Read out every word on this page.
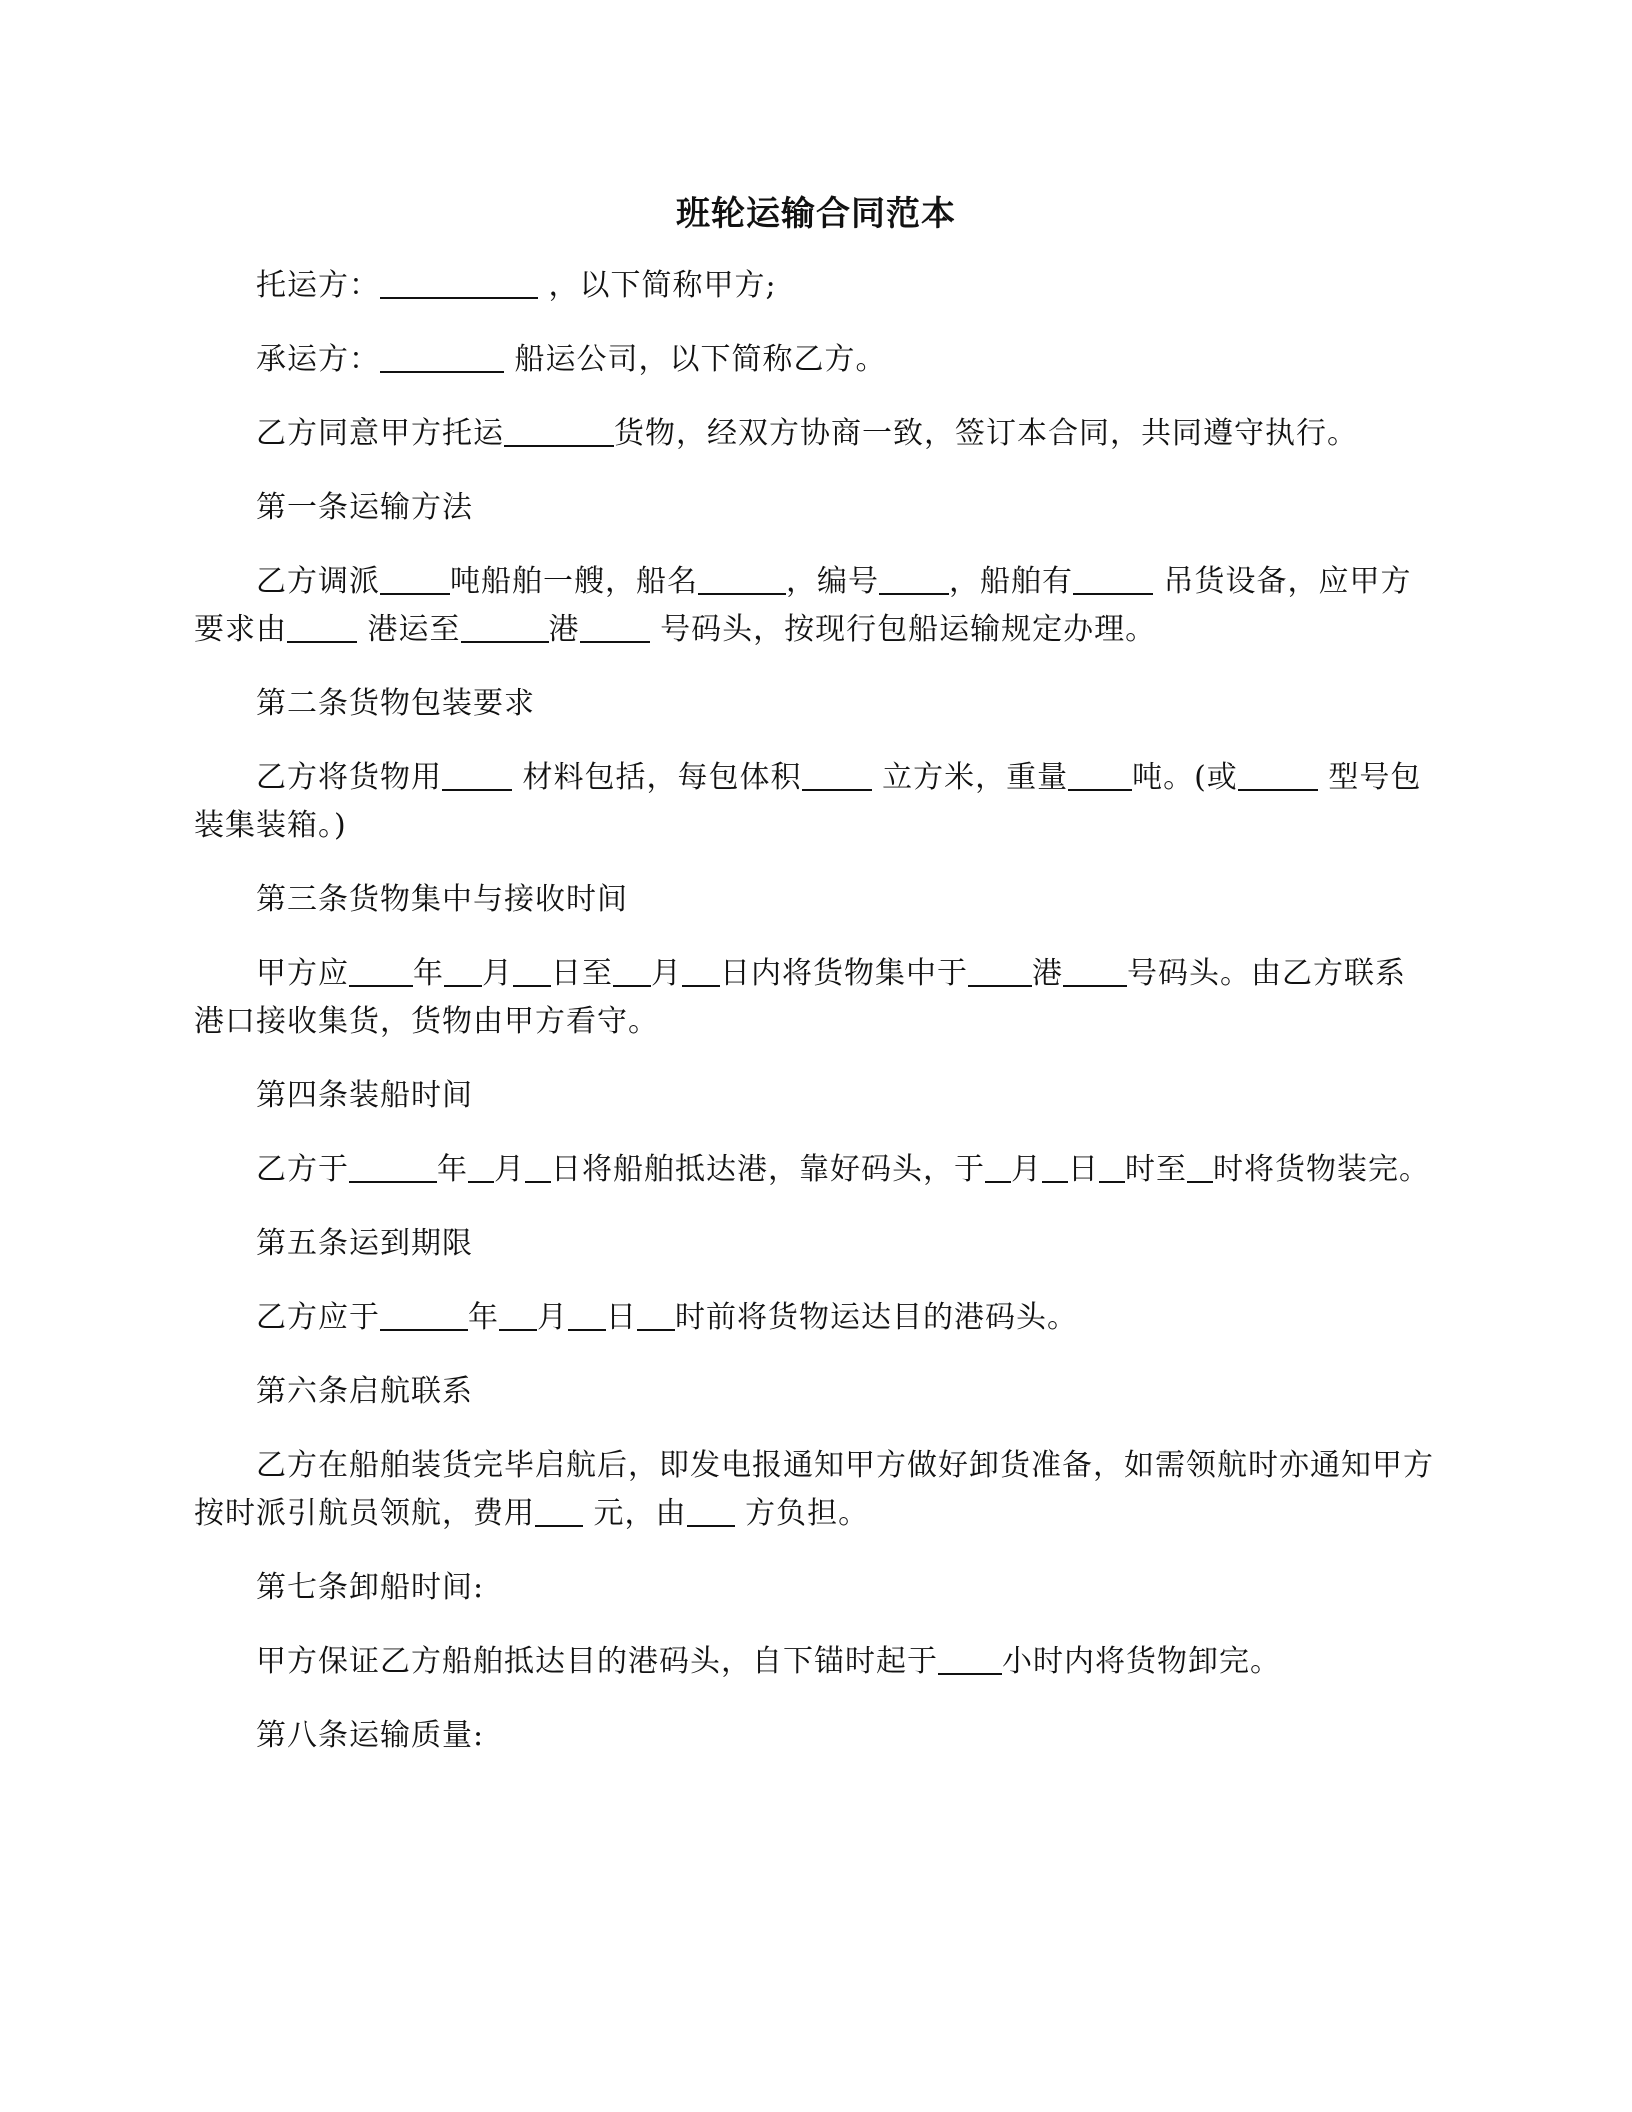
班轮运输合同范本

托运方：	，以下简称甲方;

承运方：	船运公司，以下简称乙方。

乙方同意甲方托运	货物，经双方协商一致，签订本合同，共同遵守执行。

第一条运输方法

乙方调派 吨船舶一艘，船名	，编号 ，船舶有	吊货设备，应甲方要求由	港运至	港	号码头，按现行包船运输规定办理。

第二条货物包装要求

乙方将货物用	材料包括，每包体积	立方米，重量 吨。(或	型号包装集装箱。)

第三条货物集中与接收时间

甲方应 年 月 日至 月 日内将货物集中于 港 号码头。由乙方联系港口接收集货，货物由甲方看守。

第四条装船时间

乙方于	年 月 日将船舶抵达港，靠好码头，于 月 日 时至 时将货物装完。

第五条运到期限

乙方应于	年 月 日 时前将货物运达目的港码头。

第六条启航联系

乙方在船舶装货完毕启航后，即发电报通知甲方做好卸货准备，如需领航时亦通知甲方按时派引航员领航，费用 元，由 方负担。

第七条卸船时间:

甲方保证乙方船舶抵达目的港码头，自下锚时起于 小时内将货物卸完。

第八条运输质量:
